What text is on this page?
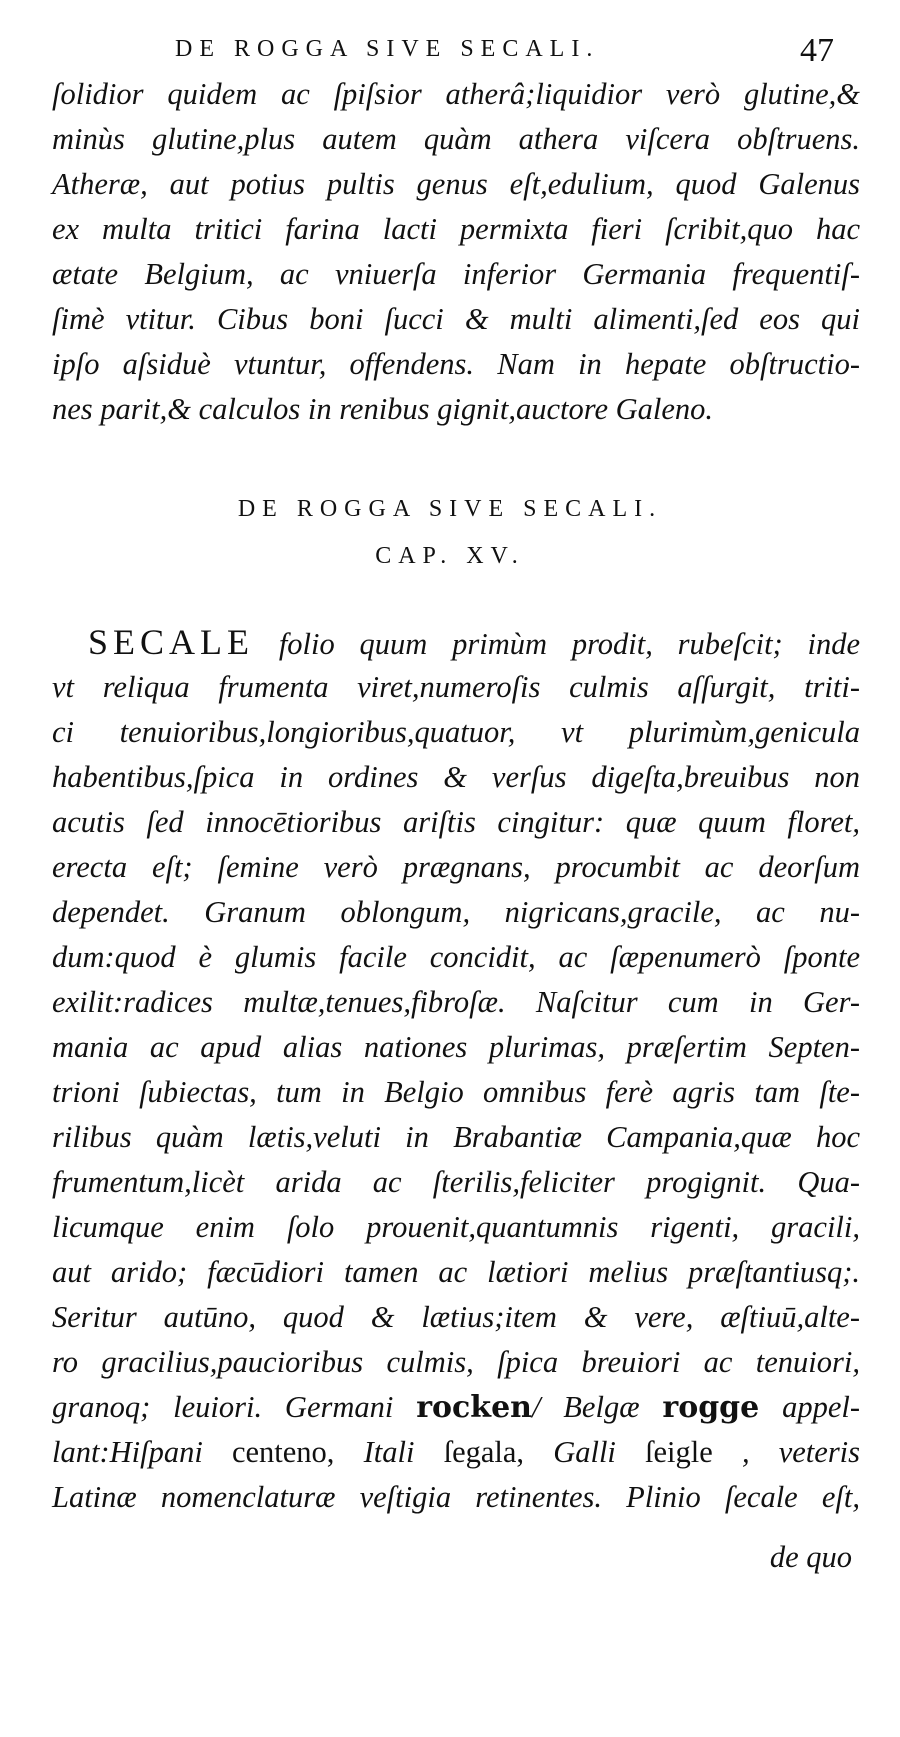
DE ROGGA SIVE SECALI.	47
ſolidior quidem ac ſpiſsior atherâ;liquidior verò glutine,&
minùs glutine,plus autem quàm athera viſcera obſtruens.
Atheræ, aut potius pultis genus eſt,edulium, quod Galenus
ex multa tritici farina lacti permixta fieri ſcribit,quo hac
ætate Belgium, ac vniuerſa inferior Germania frequentiſ-
ſimè vtitur. Cibus boni ſucci & multi alimenti,ſed eos qui
ipſo aſsiduè vtuntur, offendens. Nam in hepate obſtructio-
nes parit,& calculos in renibus gignit,auctore Galeno.
DE ROGGA SIVE SECALI.
CAP. XV.
SECALE folio quum primùm prodit, rubeſcit; inde
vt reliqua frumenta viret,numeroſis culmis aſſurgit, triti-
ci tenuioribus,longioribus,quatuor, vt plurimùm,genicula
habentibus,ſpica in ordines & verſus digeſta,breuibus non
acutis ſed innocētioribus ariſtis cingitur: quæ quum floret,
erecta eſt; ſemine verò prægnans, procumbit ac deorſum
dependet. Granum oblongum, nigricans,gracile, ac nu-
dum:quod è glumis facile concidit, ac ſæpenumerò ſponte
exilit:radices multæ,tenues,fibroſæ. Naſcitur cum in Ger-
mania ac apud alias nationes plurimas, præſertim Septen-
trioni ſubiectas, tum in Belgio omnibus ferè agris tam ſte-
rilibus quàm lætis,veluti in Brabantiæ Campania,quæ hoc
frumentum,licèt arida ac ſterilis,feliciter progignit. Qua-
licumque enim ſolo prouenit,quantumnis rigenti, gracili,
aut arido; fæcūdiori tamen ac lætiori melius præſtantiusq;.
Seritur autūno, quod & lætius;item & vere, æſtiuū,alte-
ro gracilius,paucioribus culmis, ſpica breuiori ac tenuiori,
granoq; leuiori. Germani rocken/ Belgæ rogge appel-
lant:Hiſpani centeno, Itali ſegala, Galli ſeigle , veteris
Latinæ nomenclaturæ veſtigia retinentes. Plinio ſecale eſt,
de quo
